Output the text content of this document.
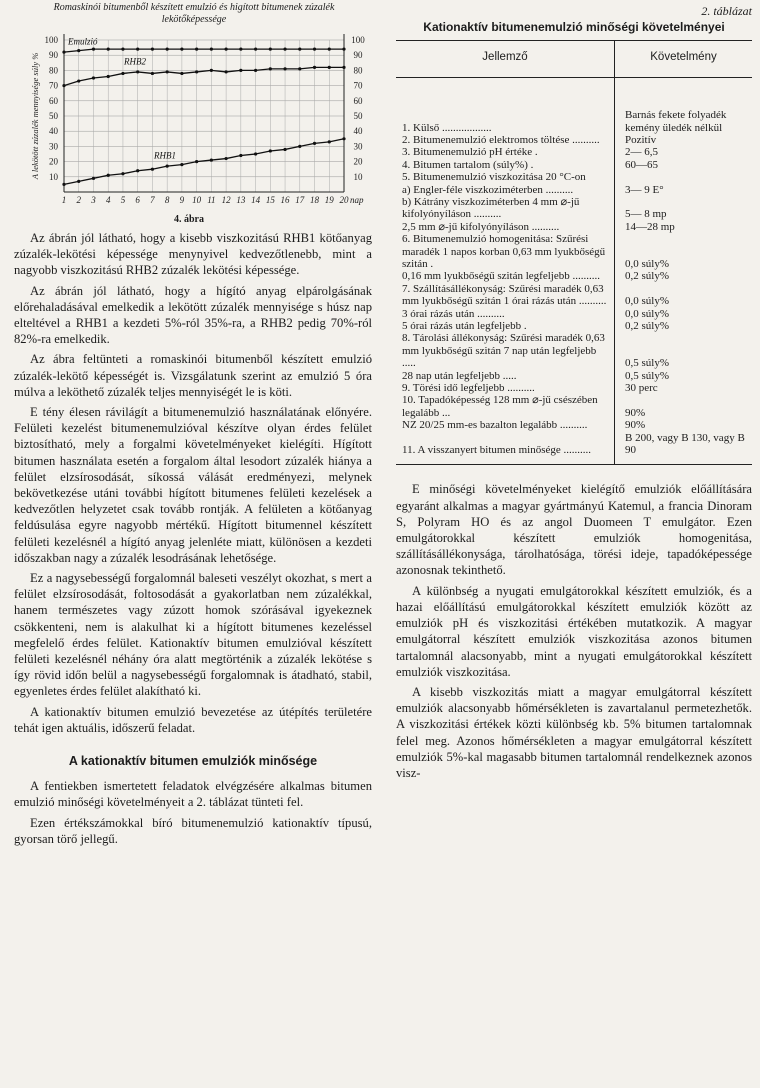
Romaskinói bitumenből készített emulzió és higított bitumenek zúzalék lekötőképessége
10	10
20	20
30	30
40	40
50	50
60	60
70	70
80	80
90	90
100	100
1 2 3 4 5 6 7 8 9 10 11 12 13 14 15 16 17 18 19 20 nap
A lekötött zúzalék mennyisége súly %
Emulzió
RHB2
RHB1
4. ábra

Az ábrán jól látható, hogy a kisebb viszkozitású RHB1 kötőanyag zúzalék-lekötési képessége menynyivel kedvezőtlenebb, mint a nagyobb viszkozitású RHB2 zúzalék lekötési képessége.

Az ábrán jól látható, hogy a hígító anyag elpárolgásának előrehaladásával emelkedik a lekötött zúzalék mennyisége s húsz nap elteltével a RHB1 a kezdeti 5%-ról 35%-ra, a RHB2 pedig 70%-ról 82%-ra emelkedik.

Az ábra feltünteti a romaskinói bitumenből készített emulzió zúzalék-lekötő képességét is. Vizsgálatunk szerint az emulzió 5 óra múlva a leköthető zúzalék teljes mennyiségét le is köti.

E tény élesen rávilágít a bitumenemulzió használatának előnyére. Felületi kezelést bitumenemulzióval készítve olyan érdes felület biztosítható, mely a forgalmi követelményeket kielégíti. Hígított bitumen használata esetén a forgalom által lesodort zúzalék hiánya a felület elzsírosodását, síkossá válását eredményezi, melynek bekövetkezése utáni további hígított bitumenes felületi kezelések a kedvezőtlen helyzetet csak tovább rontják. A felületen a kötőanyag feldúsulása egyre nagyobb mértékű. Hígított bitumennel készített felületi kezelésnél a hígító anyag jelenléte miatt, különösen a kezdeti időszakban nagy a zúzalék lesodrásának lehetősége.

Ez a nagysebességű forgalomnál baleseti veszélyt okozhat, s mert a felület elzsírosodását, foltosodását a gyakorlatban nem zúzalékkal, hanem természetes vagy zúzott homok szórásával igyekeznek csökkenteni, nem is alakulhat ki a hígított bitumenes kezeléssel megfelelő érdes felület. Kationaktív bitumen emulzióval készített felületi kezelésnél néhány óra alatt megtörténik a zúzalék lekötése s így rövid időn belül a nagysebességű forgalomnak is átadható, stabil, egyenletes érdes felület alakítható ki.

A kationaktív bitumen emulzió bevezetése az útépítés területére tehát igen aktuális, időszerű feladat.

A kationaktív bitumen emulziók minősége

A fentiekben ismertetett feladatok elvégzésére alkalmas bitumen emulzió minőségi követelményeit a 2. táblázat tünteti fel.

Ezen értékszámokkal bíró bitumenemulzió kationaktív típusú, gyorsan törő jellegű.

2. táblázat
Kationaktív bitumenemulzió minőségi követelményei
Jellemző	Követelmény
1. Külső ..................	Barnás fekete folyadék kemény üledék nélkül
2. Bitumenemulzió elektromos töltése ..........	Pozitív
3. Bitumenemulzió pH értéke .	2— 6,5
4. Bitumen tartalom (súly%) .	60—65
5. Bitumenemulzió viszkozitása 20 °C-on	
a) Engler-féle viszkoziméterben ..........	3— 9 E°
b) Kátrány viszkoziméterben 4 mm ⌀-jű kifolyónyíláson ..........	5— 8 mp
2,5 mm ⌀-jű kifolyónyíláson ..........	14—28 mp
6. Bitumenemulzió homogenitása: Szűrési maradék 1 napos korban 0,63 mm lyukbőségű szitán .	0,0 súly%
0,16 mm lyukbőségű szitán legfeljebb ..........	0,2 súly%
7. Szállításállékonyság: Szűrési maradék 0,63 mm lyukbőségű szitán 1 órai rázás után ..........	0,0 súly%
3 órai rázás után ..........	0,0 súly%
5 órai rázás után legfeljebb .	0,2 súly%
8. Tárolási állékonyság: Szűrési maradék 0,63 mm lyukbőségű szitán 7 nap után legfeljebb .....	0,5 súly%
28 nap után legfeljebb .....	0,5 súly%
9. Törési idő legfeljebb ..........	30 perc
10. Tapadóképesség 128 mm ⌀-jű csészében legalább ...	90%
NZ 20/25 mm-es bazalton legalább ..........	90%
11. A visszanyert bitumen minősége ..........	B 200, vagy B 130, vagy B 90

E minőségi követelményeket kielégítő emulziók előállítására egyaránt alkalmas a magyar gyártmányú Katemul, a francia Dinoram S, Polyram HO és az angol Duomeen T emulgátor. Ezen emulgátorokkal készített emulziók homogenitása, szállításállékonysága, tárolhatósága, törési ideje, tapadóképessége azonosnak tekinthető.

A különbség a nyugati emulgátorokkal készített emulziók, és a hazai előállítású emulgátorokkal készített emulziók között az emulziók pH és viszkozitási értékében mutatkozik. A magyar emulgátorral készített emulziók viszkozitása azonos bitumen tartalomnál alacsonyabb, mint a nyugati emulgátorokkal készített emulziók viszkozitása.

A kisebb viszkozitás miatt a magyar emulgátorral készített emulziók alacsonyabb hőmérsékleten is zavartalanul permetezhetők. A viszkozitási értékek közti különbség kb. 5% bitumen tartalomnak felel meg. Azonos hőmérsékleten a magyar emulgátorral készített emulziók 5%-kal magasabb bitumen tartalomnál rendelkeznek azonos visz-
